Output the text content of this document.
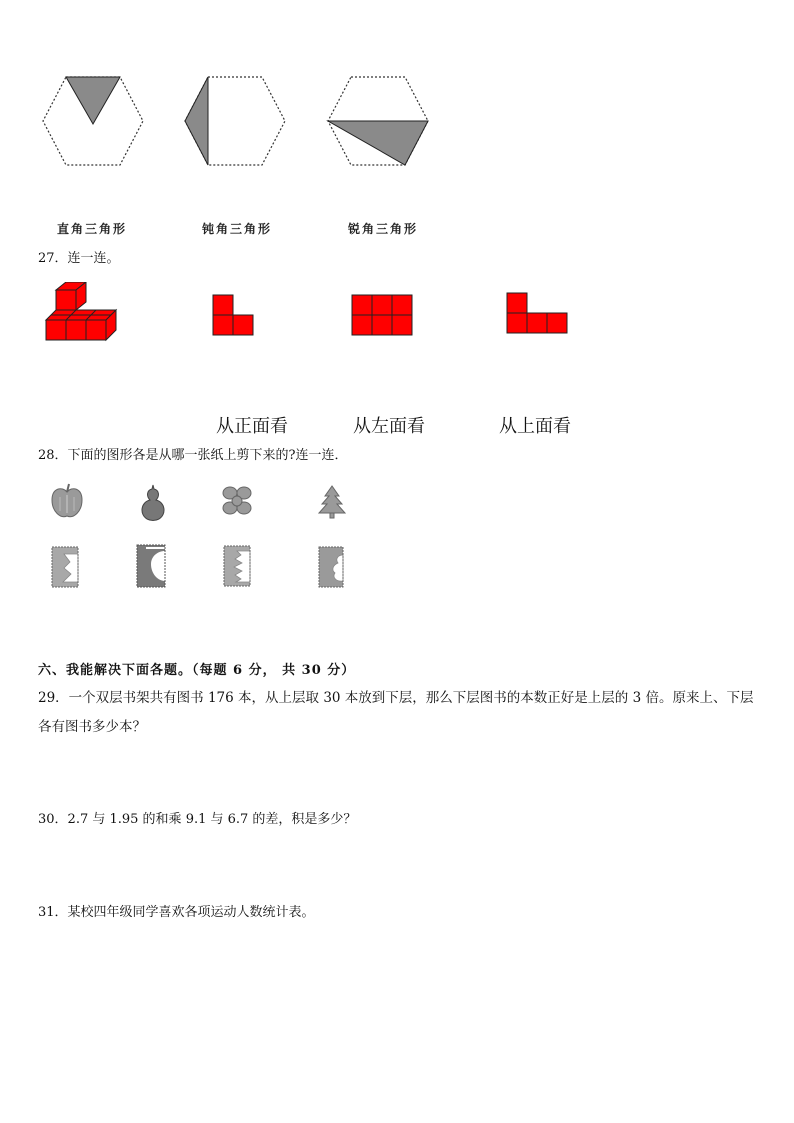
直角三角形	钝角三角形	锐角三角形
27．连一连。
从正面看	从左面看	从上面看
28．下面的图形各是从哪一张纸上剪下来的?连一连．
六、我能解决下面各题。（每题 6 分， 共 30 分）
29．一个双层书架共有图书 176 本，从上层取 30 本放到下层，那么下层图书的本数正好是上层的 3 倍。原来上、下层
各有图书多少本？
30．2.7 与 1.95 的和乘 9.1 与 6.7 的差，积是多少？
31．某校四年级同学喜欢各项运动人数统计表。
